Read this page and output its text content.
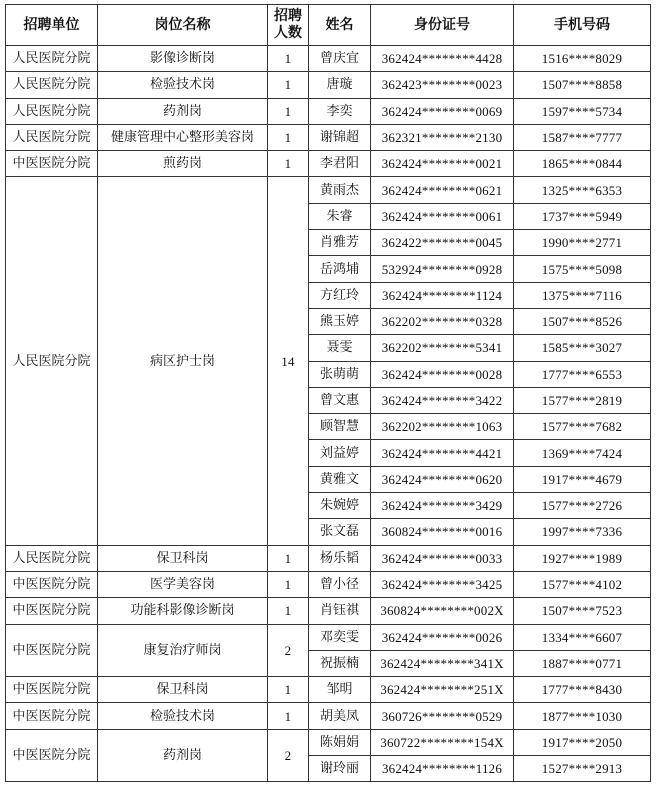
招聘单位	岗位名称	招聘人数	姓名	身份证号	手机号码
人民医院分院	影像诊断岗	1	曾庆宜	362424********4428	1516****8029
人民医院分院	检验技术岗	1	唐璇	362423********0023	1507****8858
人民医院分院	药剂岗	1	李奕	362424********0069	1597****5734
人民医院分院	健康管理中心整形美容岗	1	谢锦超	362321********2130	1587****7777
中医医院分院	煎药岗	1	李君阳	362424********0021	1865****0844
人民医院分院	病区护士岗	14	黄雨杰	362424********0621	1325****6353
			朱睿	362424********0061	1737****5949
			肖雅芳	362422********0045	1990****2771
			岳鸿埔	532924********0928	1575****5098
			方红玲	362424********1124	1375****7116
			熊玉婷	362202********0328	1507****8526
			聂雯	362202********5341	1585****3027
			张萌萌	362424********0028	1777****6553
			曾文惠	362424********3422	1577****2819
			顾智慧	362202********1063	1577****7682
			刘益婷	362424********4421	1369****7424
			黄雅文	362424********0620	1917****4679
			朱婉婷	362424********3429	1577****2726
			张文磊	360824********0016	1997****7336
人民医院分院	保卫科岗	1	杨乐韬	362424********0033	1927****1989
中医医院分院	医学美容岗	1	曾小径	362424********3425	1577****4102
中医医院分院	功能科影像诊断岗	1	肖钰祺	360824********002X	1507****7523
中医医院分院	康复治疗师岗	2	邓奕雯	362424********0026	1334****6607
			祝振楠	362424********341X	1887****0771
中医医院分院	保卫科岗	1	邹明	362424********251X	1777****8430
中医医院分院	检验技术岗	1	胡美凤	360726********0529	1877****1030
中医医院分院	药剂岗	2	陈娟娟	360722********154X	1917****2050
			谢玲丽	362424********1126	1527****2913
